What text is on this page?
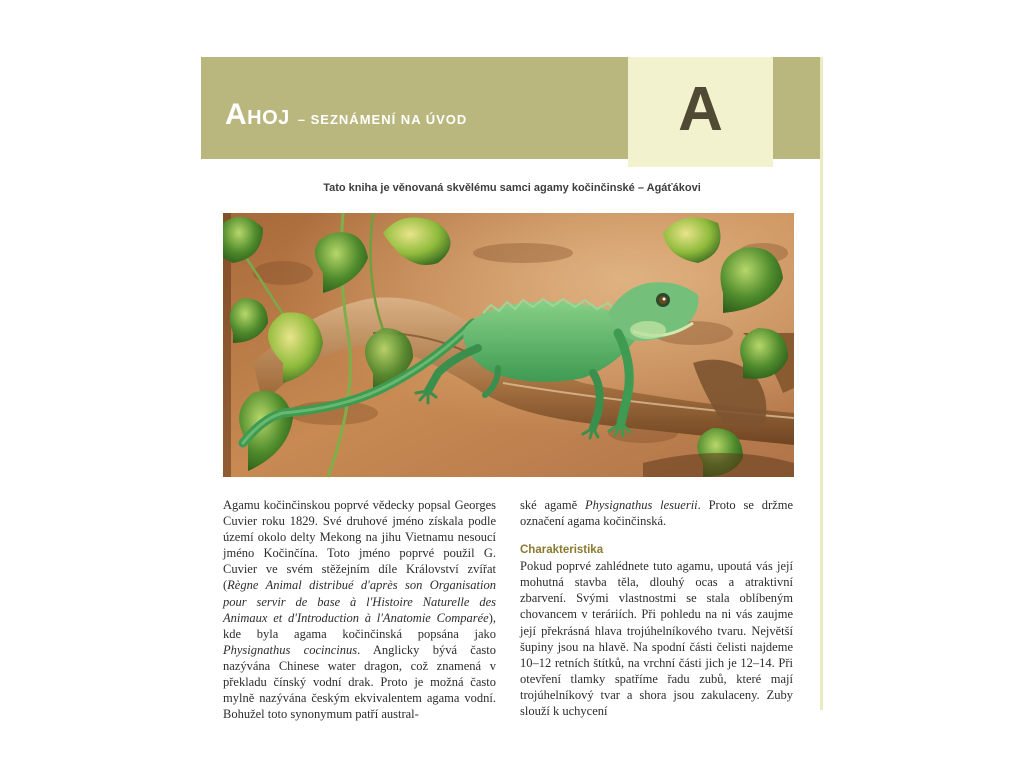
AHOJ – SEZNÁMENÍ NA ÚVOD	A
Tato kniha je věnovaná skvělému samci agamy kočinčinské – Agáťákovi

Agamu kočinčinskou poprvé vědecky popsal Georges Cuvier roku 1829. Své druhové jméno získala podle území okolo delty Mekong na jihu Vietnamu nesoucí jméno Kočinčína. Toto jméno poprvé použil G. Cuvier ve svém stěžejním díle Království zvířat (Règne Animal distribué d'après son Organisation pour servir de base à l'Histoire Naturelle des Animaux et d'Introduction à l'Anatomie Comparée), kde byla agama kočinčinská popsána jako Physignathus cocincinus. Anglicky bývá často nazývána Chinese water dragon, což znamená v překladu čínský vodní drak. Proto je možná často mylně nazývána českým ekvivalentem agama vodní. Bohužel toto synonymum patří austral-

ské agamě Physignathus lesuerii. Proto se držme označení agama kočinčinská.

Charakteristika

Pokud poprvé zahlédnete tuto agamu, upoutá vás její mohutná stavba těla, dlouhý ocas a atraktivní zbarvení. Svými vlastnostmi se stala oblíbeným chovancem v teráriích. Při pohledu na ni vás zaujme její překrásná hlava trojúhelníkového tvaru. Největší šupiny jsou na hlavě. Na spodní části čelisti najdeme 10–12 retních štítků, na vrchní části jich je 12–14. Při otevření tlamky spatříme řadu zubů, které mají trojúhelníkový tvar a shora jsou zakulaceny. Zuby slouží k uchycení
